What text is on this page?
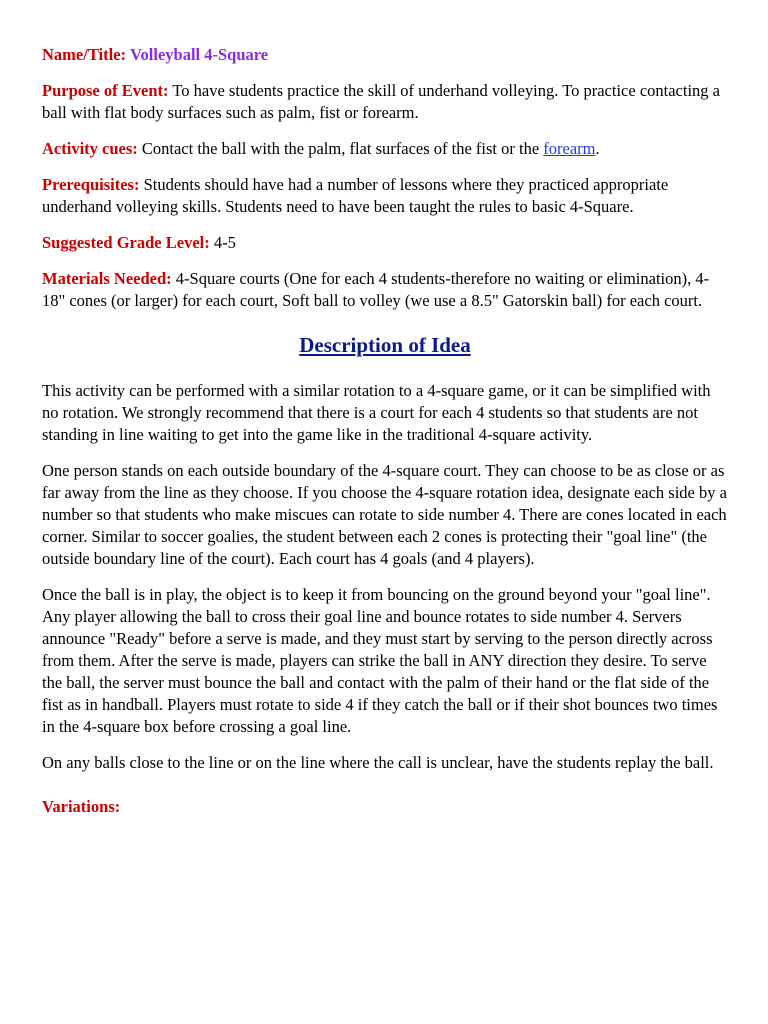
Name/Title: Volleyball 4-Square
Purpose of Event: To have students practice the skill of underhand volleying. To practice contacting a ball with flat body surfaces such as palm, fist or forearm.
Activity cues: Contact the ball with the palm, flat surfaces of the fist or the forearm.
Prerequisites: Students should have had a number of lessons where they practiced appropriate underhand volleying skills. Students need to have been taught the rules to basic 4-Square.
Suggested Grade Level: 4-5
Materials Needed: 4-Square courts (One for each 4 students-therefore no waiting or elimination), 4-18" cones (or larger) for each court, Soft ball to volley (we use a 8.5" Gatorskin ball) for each court.
Description of Idea
This activity can be performed with a similar rotation to a 4-square game, or it can be simplified with no rotation. We strongly recommend that there is a court for each 4 students so that students are not standing in line waiting to get into the game like in the traditional 4-square activity.
One person stands on each outside boundary of the 4-square court. They can choose to be as close or as far away from the line as they choose. If you choose the 4-square rotation idea, designate each side by a number so that students who make miscues can rotate to side number 4. There are cones located in each corner. Similar to soccer goalies, the student between each 2 cones is protecting their "goal line" (the outside boundary line of the court). Each court has 4 goals (and 4 players).
Once the ball is in play, the object is to keep it from bouncing on the ground beyond your "goal line". Any player allowing the ball to cross their goal line and bounce rotates to side number 4. Servers announce "Ready" before a serve is made, and they must start by serving to the person directly across from them. After the serve is made, players can strike the ball in ANY direction they desire. To serve the ball, the server must bounce the ball and contact with the palm of their hand or the flat side of the fist as in handball. Players must rotate to side 4 if they catch the ball or if their shot bounces two times in the 4-square box before crossing a goal line.
On any balls close to the line or on the line where the call is unclear, have the students replay the ball.
Variations:
